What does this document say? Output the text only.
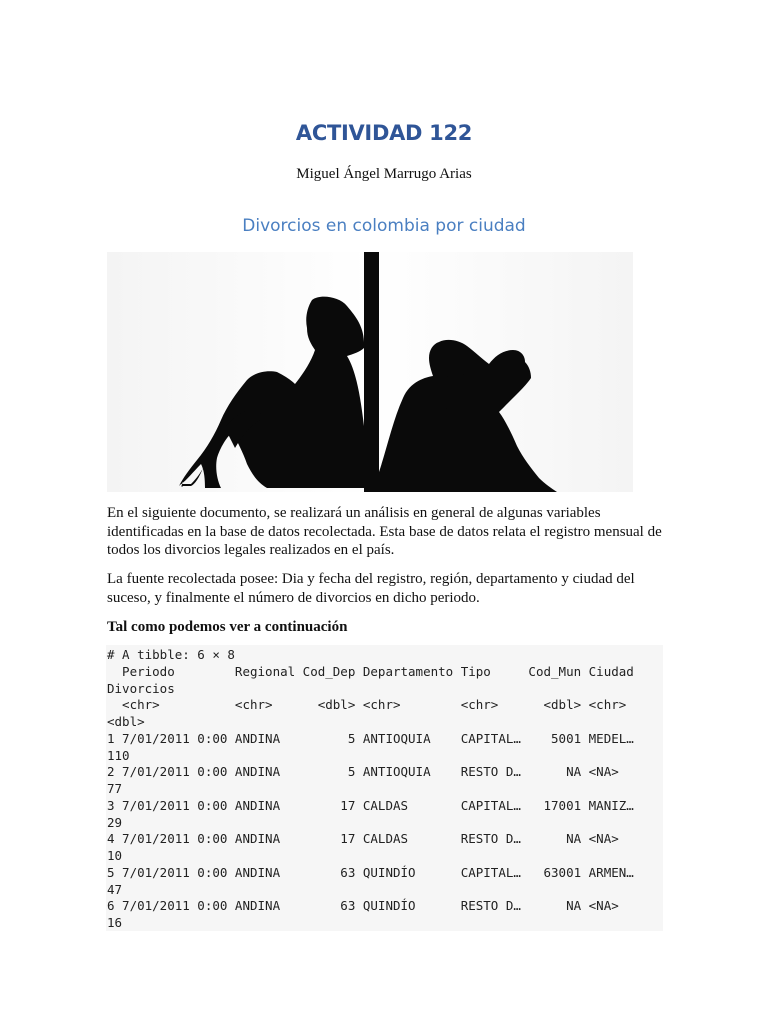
ACTIVIDAD 122
Miguel Ángel Marrugo Arias
Divorcios en colombia por ciudad

En el siguiente documento, se realizará un análisis en general de algunas variables identificadas en la base de datos recolectada. Esta base de datos relata el registro mensual de todos los divorcios legales realizados en el país.

La fuente recolectada posee: Dia y fecha del registro, región, departamento y ciudad del suceso, y finalmente el número de divorcios en dicho periodo.

Tal como podemos ver a continuación

# A tibble: 6 × 8
Periodo        Regional Cod_Dep Departamento Tipo     Cod_Mun Ciudad
Divorcios
<chr>          <chr>      <dbl> <chr>        <chr>      <dbl> <chr>
<dbl>
1 7/01/2011 0:00 ANDINA         5 ANTIOQUIA    CAPITAL…    5001 MEDEL…
110
2 7/01/2011 0:00 ANDINA         5 ANTIOQUIA    RESTO D…      NA <NA>
77
3 7/01/2011 0:00 ANDINA        17 CALDAS       CAPITAL…   17001 MANIZ…
29
4 7/01/2011 0:00 ANDINA        17 CALDAS       RESTO D…      NA <NA>
10
5 7/01/2011 0:00 ANDINA        63 QUINDÍO      CAPITAL…   63001 ARMEN…
47
6 7/01/2011 0:00 ANDINA        63 QUINDÍO      RESTO D…      NA <NA>
16
